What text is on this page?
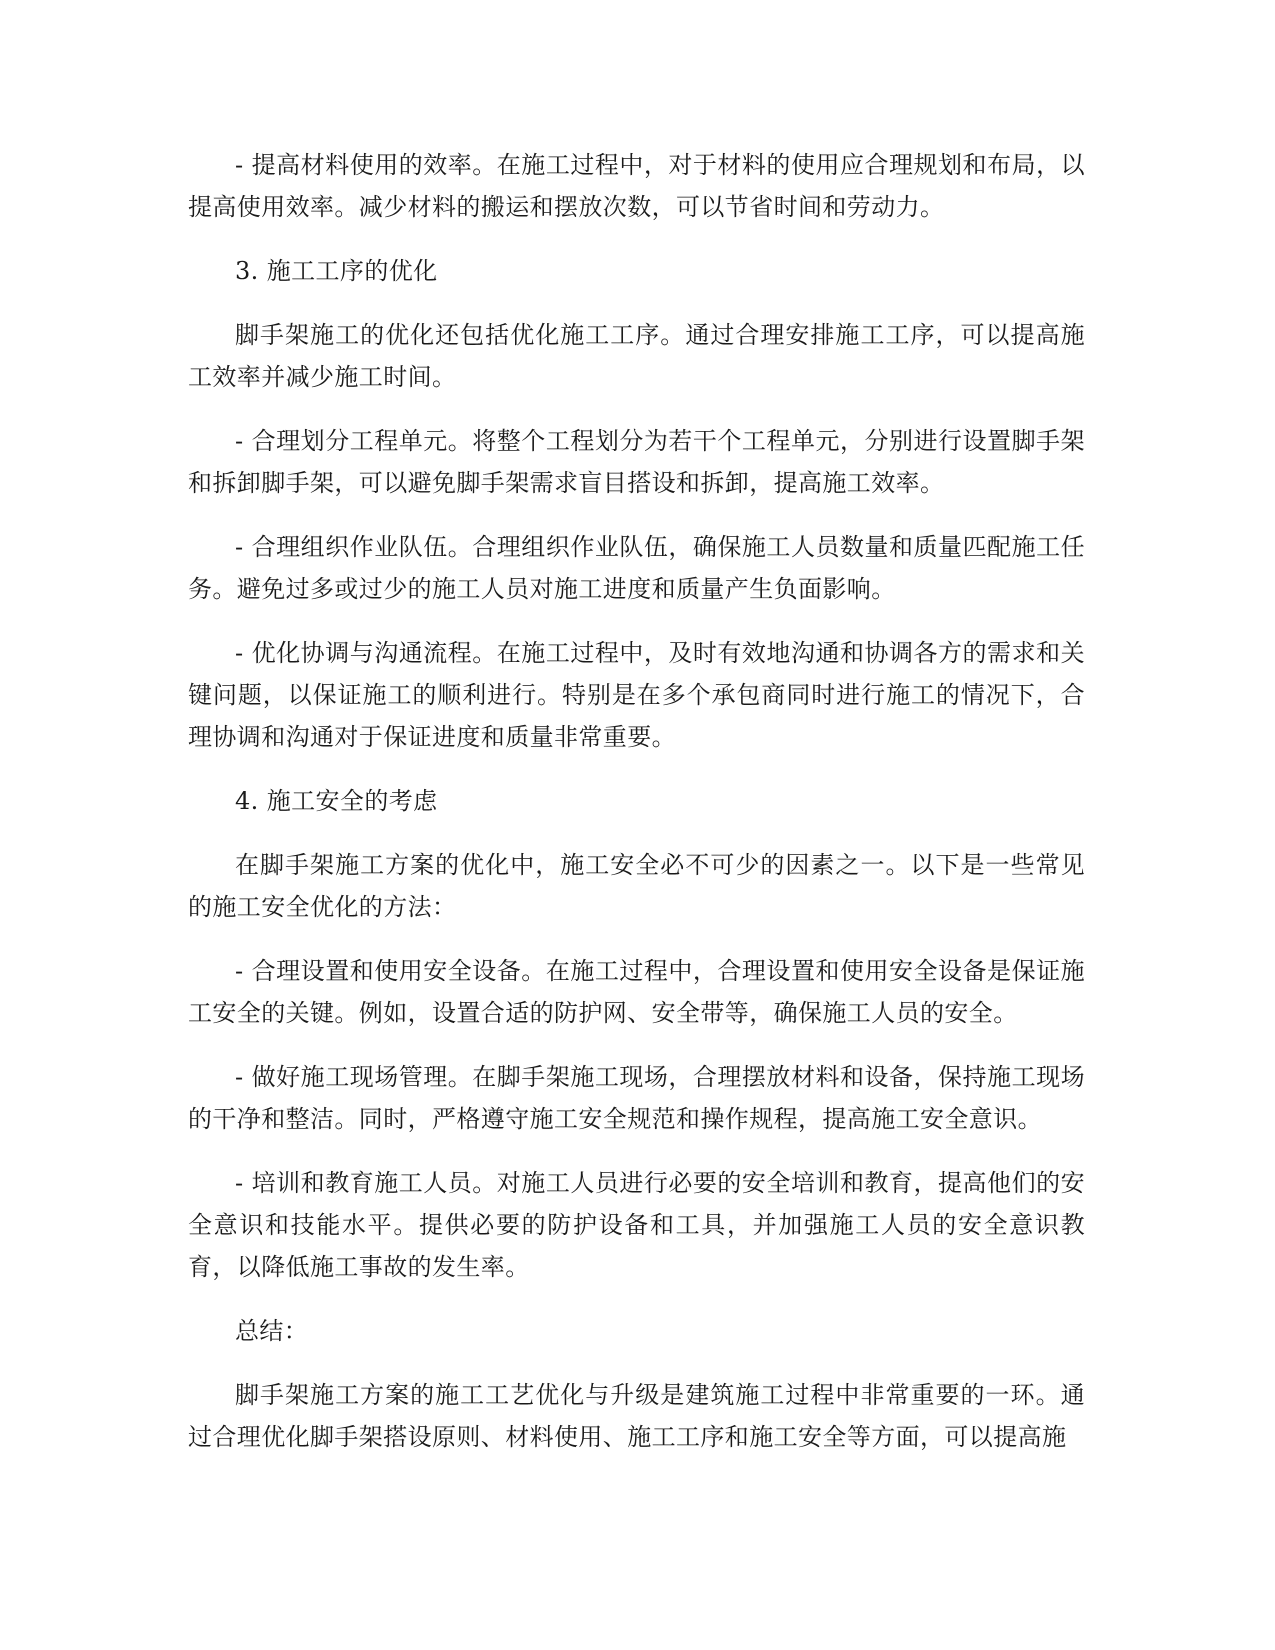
- 提高材料使用的效率。在施工过程中，对于材料的使用应合理规划和布局，以提高使用效率。减少材料的搬运和摆放次数，可以节省时间和劳动力。

3. 施工工序的优化

脚手架施工的优化还包括优化施工工序。通过合理安排施工工序，可以提高施工效率并减少施工时间。

- 合理划分工程单元。将整个工程划分为若干个工程单元，分别进行设置脚手架和拆卸脚手架，可以避免脚手架需求盲目搭设和拆卸，提高施工效率。

- 合理组织作业队伍。合理组织作业队伍，确保施工人员数量和质量匹配施工任务。避免过多或过少的施工人员对施工进度和质量产生负面影响。

- 优化协调与沟通流程。在施工过程中，及时有效地沟通和协调各方的需求和关键问题，以保证施工的顺利进行。特别是在多个承包商同时进行施工的情况下，合理协调和沟通对于保证进度和质量非常重要。

4. 施工安全的考虑

在脚手架施工方案的优化中，施工安全必不可少的因素之一。以下是一些常见的施工安全优化的方法：

- 合理设置和使用安全设备。在施工过程中，合理设置和使用安全设备是保证施工安全的关键。例如，设置合适的防护网、安全带等，确保施工人员的安全。

- 做好施工现场管理。在脚手架施工现场，合理摆放材料和设备，保持施工现场的干净和整洁。同时，严格遵守施工安全规范和操作规程，提高施工安全意识。

- 培训和教育施工人员。对施工人员进行必要的安全培训和教育，提高他们的安全意识和技能水平。提供必要的防护设备和工具，并加强施工人员的安全意识教育，以降低施工事故的发生率。

总结：

脚手架施工方案的施工工艺优化与升级是建筑施工过程中非常重要的一环。通过合理优化脚手架搭设原则、材料使用、施工工序和施工安全等方面，可以提高施
